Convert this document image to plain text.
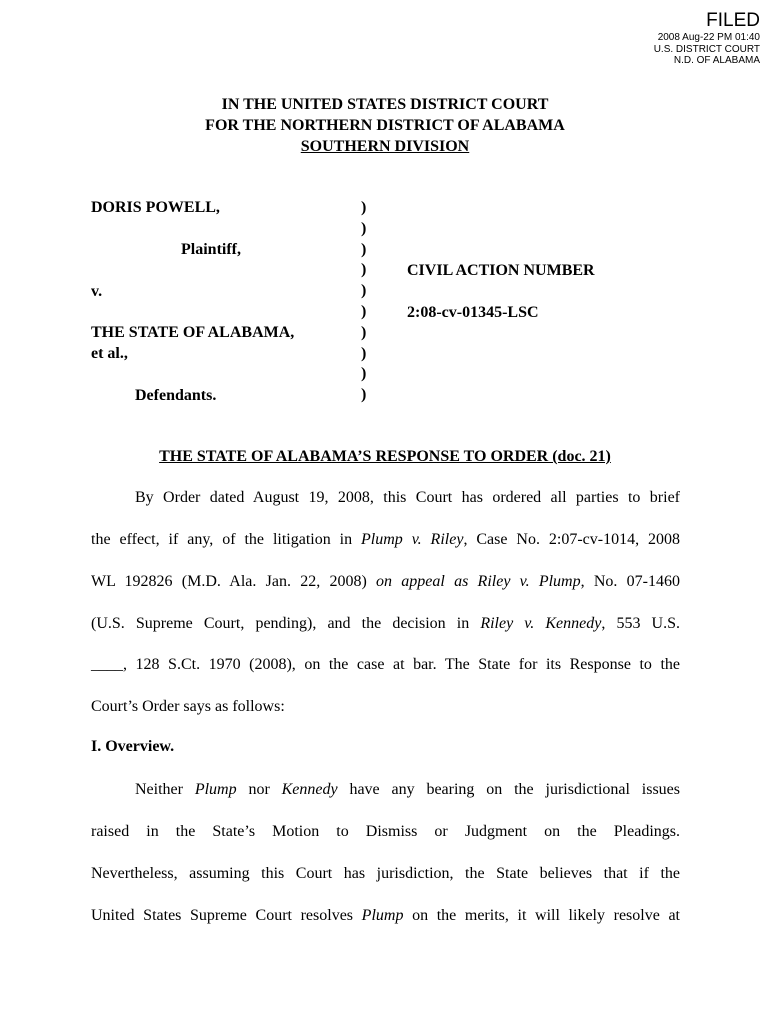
FILED
2008 Aug-22 PM 01:40
U.S. DISTRICT COURT
N.D. OF ALABAMA
IN THE UNITED STATES DISTRICT COURT
FOR THE NORTHERN DISTRICT OF ALABAMA
SOUTHERN DIVISION
DORIS POWELL,
Plaintiff,
v.
THE STATE OF ALABAMA,
et al.,
Defendants.
CIVIL ACTION NUMBER
2:08-cv-01345-LSC
)
)
)
)
)
)
)
)
)
)
THE STATE OF ALABAMA’S RESPONSE TO ORDER (doc. 21)
By Order dated August 19, 2008, this Court has ordered all parties to brief
the effect, if any, of the litigation in Plump v. Riley, Case No. 2:07-cv-1014, 2008
WL 192826 (M.D. Ala. Jan. 22, 2008) on appeal as Riley v. Plump, No. 07-1460
(U.S. Supreme Court, pending), and the decision in Riley v. Kennedy, 553 U.S.
____, 128 S.Ct. 1970 (2008), on the case at bar. The State for its Response to the
Court’s Order says as follows:
I. Overview.
Neither Plump nor Kennedy have any bearing on the jurisdictional issues
raised in the State’s Motion to Dismiss or Judgment on the Pleadings.
Nevertheless, assuming this Court has jurisdiction, the State believes that if the
United States Supreme Court resolves Plump on the merits, it will likely resolve at
